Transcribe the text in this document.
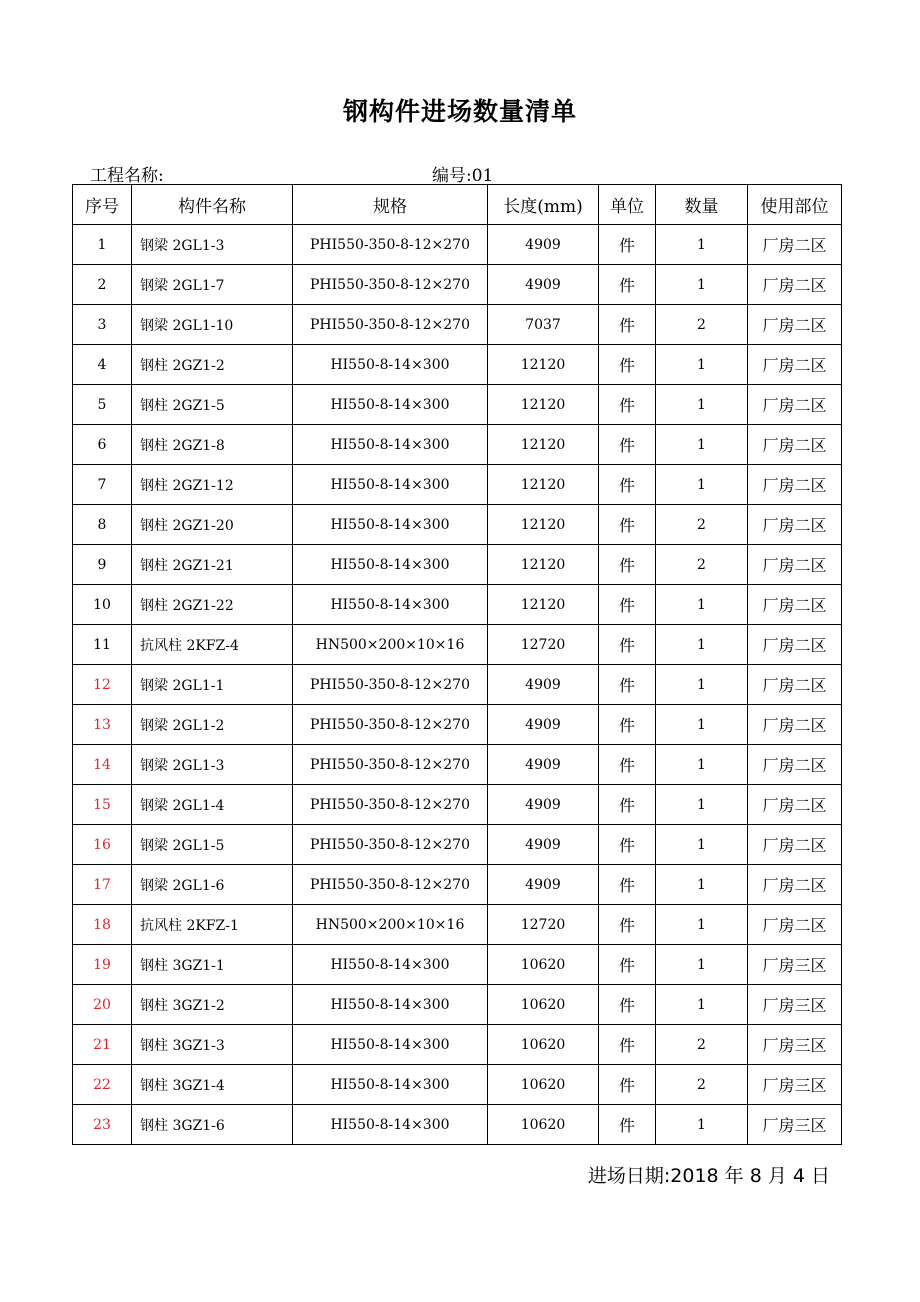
钢构件进场数量清单
工程名称:	编号:01
序号	构件名称	规格	长度(mm)	单位	数量	使用部位
1	钢梁 2GL1-3	PHI550-350-8-12×270	4909	件	1	厂房二区
2	钢梁 2GL1-7	PHI550-350-8-12×270	4909	件	1	厂房二区
3	钢梁 2GL1-10	PHI550-350-8-12×270	7037	件	2	厂房二区
4	钢柱 2GZ1-2	HI550-8-14×300	12120	件	1	厂房二区
5	钢柱 2GZ1-5	HI550-8-14×300	12120	件	1	厂房二区
6	钢柱 2GZ1-8	HI550-8-14×300	12120	件	1	厂房二区
7	钢柱 2GZ1-12	HI550-8-14×300	12120	件	1	厂房二区
8	钢柱 2GZ1-20	HI550-8-14×300	12120	件	2	厂房二区
9	钢柱 2GZ1-21	HI550-8-14×300	12120	件	2	厂房二区
10	钢柱 2GZ1-22	HI550-8-14×300	12120	件	1	厂房二区
11	抗风柱 2KFZ-4	HN500×200×10×16	12720	件	1	厂房二区
12	钢梁 2GL1-1	PHI550-350-8-12×270	4909	件	1	厂房二区
13	钢梁 2GL1-2	PHI550-350-8-12×270	4909	件	1	厂房二区
14	钢梁 2GL1-3	PHI550-350-8-12×270	4909	件	1	厂房二区
15	钢梁 2GL1-4	PHI550-350-8-12×270	4909	件	1	厂房二区
16	钢梁 2GL1-5	PHI550-350-8-12×270	4909	件	1	厂房二区
17	钢梁 2GL1-6	PHI550-350-8-12×270	4909	件	1	厂房二区
18	抗风柱 2KFZ-1	HN500×200×10×16	12720	件	1	厂房二区
19	钢柱 3GZ1-1	HI550-8-14×300	10620	件	1	厂房三区
20	钢柱 3GZ1-2	HI550-8-14×300	10620	件	1	厂房三区
21	钢柱 3GZ1-3	HI550-8-14×300	10620	件	2	厂房三区
22	钢柱 3GZ1-4	HI550-8-14×300	10620	件	2	厂房三区
23	钢柱 3GZ1-6	HI550-8-14×300	10620	件	1	厂房三区
进场日期:2018 年 8 月 4 日
